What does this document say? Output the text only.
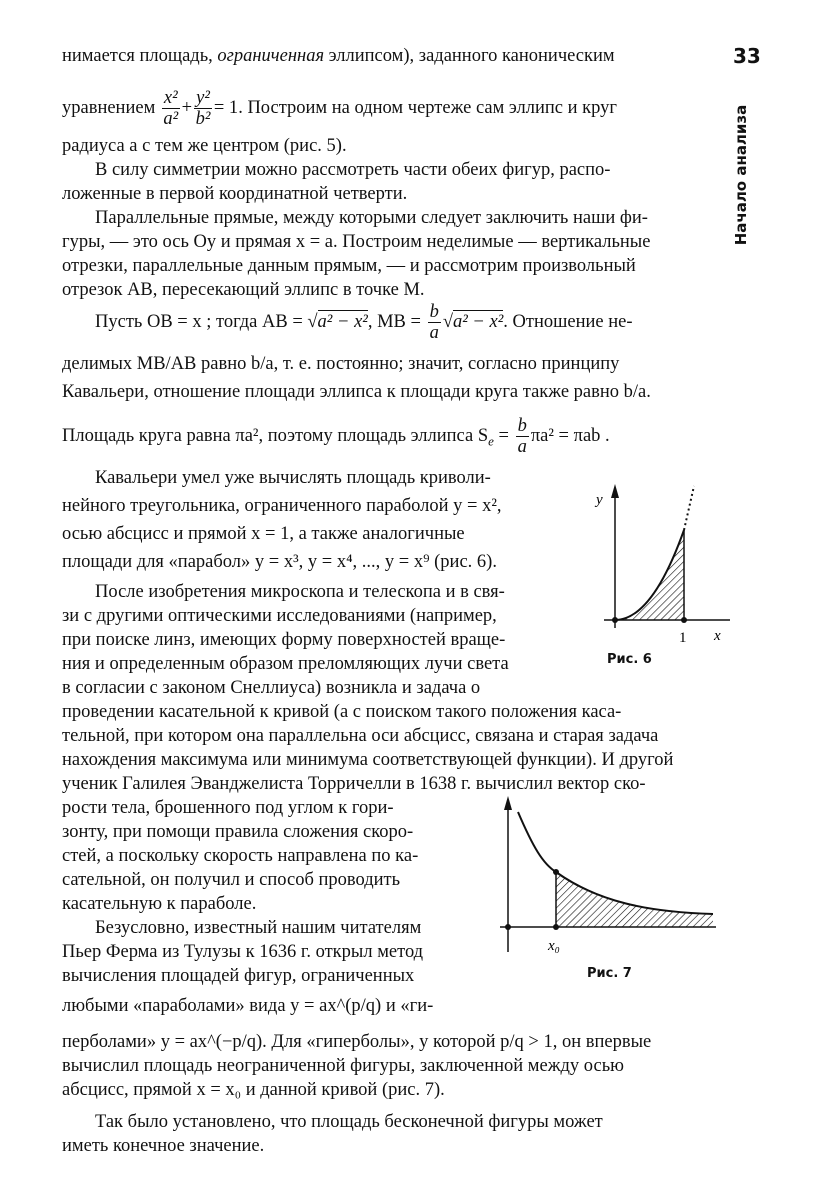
33
Начало анализа
нимается площадь, ограниченная эллипсом), заданного каноническим
уравнением $\frac{\text{x²}}{\text{a²}} + \frac{\text{y²}}{\text{b²}} = 1$. Построим на одном чертеже сам эллипс и круг
радиуса a с тем же центром (рис. 5).
В силу симметрии можно рассмотреть части обеих фигур, распо-
ложенные в первой координатной четверти.
Параллельные прямые, между которыми следует заключить наши фи-
гуры, — это ось Oy и прямая x = a. Построим неделимые — вертикальные
отрезки, параллельные данным прямым, — и рассмотрим произвольный
отрезок AB, пересекающий эллипс в точке M.
Пусть OB = x ; тогда AB = √a² − x², MB = $\frac{b}{a} √a^2 - x^2$. Отношение не-
делимых MB/AB равно b/a, т. е. постоянно; значит, согласно принципу
Кавальери, отношение площади эллипса к площади круга также равно b/a.
Площадь круга равна πa², поэтому площадь эллипса $S_e = \frac{b}{a} \pi a^2 = \pi ab$ .
Кавальери умел уже вычислять площадь криволи-
нейного треугольника, ограниченного параболой y = x²,
осью абсцисс и прямой x = 1, а также аналогичные
площади для «парабол» y = x³, y = x⁴, ..., y = x⁹ (рис. 6).
После изобретения микроскопа и телескопа и в свя-
зи с другими оптическими исследованиями (например,
при поиске линз, имеющих форму поверхностей враще-
ния и определенным образом преломляющих лучи света
в согласии с законом Снеллиуса) возникла и задача о
проведении касательной к кривой (а с поиском такого положения каса-
тельной, при котором она параллельна оси абсцисс, связана и старая задача
нахождения максимума или минимума соответствующей функции). И другой
ученик Галилея Эванджелиста Торричелли в 1638 г. вычислил вектор ско-
рости тела, брошенного под углом к гори-
зонту, при помощи правила сложения скоро-
стей, а поскольку скорость направлена по ка-
сательной, он получил и способ проводить
касательную к параболе.
Безусловно, известный нашим читателям
Пьер Ферма из Тулузы к 1636 г. открыл метод
вычисления площадей фигур, ограниченных
любыми «параболами» вида y = ax^(p/q) и «ги-
перболами» y = ax^(−p/q). Для «гиперболы», у которой p/q > 1, он впервые
вычислил площадь неограниченной фигуры, заключенной между осью
абсцисс, прямой x = x₀ и данной кривой (рис. 7).
Так было установлено, что площадь бесконечной фигуры может
иметь конечное значение.
y
x
1
Рис. 6
x₀
Рис. 7
